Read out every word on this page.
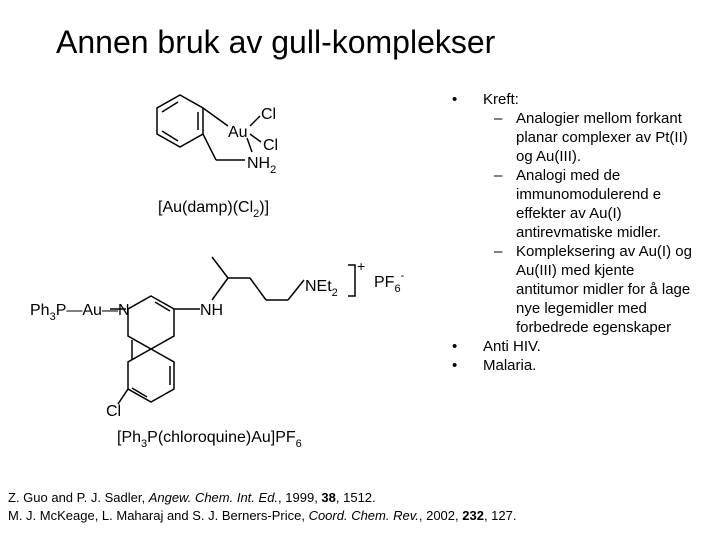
Annen bruk av gull-komplekser
Cl
Au
Cl
$NH_2$
$[Au(damp)(Cl_2)]$
NEt$_2$
+
$PF_6^-$
$Ph_3P—Au—N$	NH
Cl
$[Ph_3P(chloroquine)Au]PF_6$
• Kreft:
– Analogier mellom forkant planar complexer av Pt(II) og Au(III).
– Analogi med de immunomodulerend e effekter av Au(I) antirevmatiske midler.
– Kompleksering av Au(I) og Au(III) med kjente antitumor midler for å lage nye legemidler med forbedrede egenskaper
• Anti HIV.
• Malaria.
Z. Guo and P. J. Sadler, Angew. Chem. Int. Ed., 1999, 38, 1512.
M. J. McKeage, L. Maharaj and S. J. Berners-Price, Coord. Chem. Rev., 2002, 232, 127.
